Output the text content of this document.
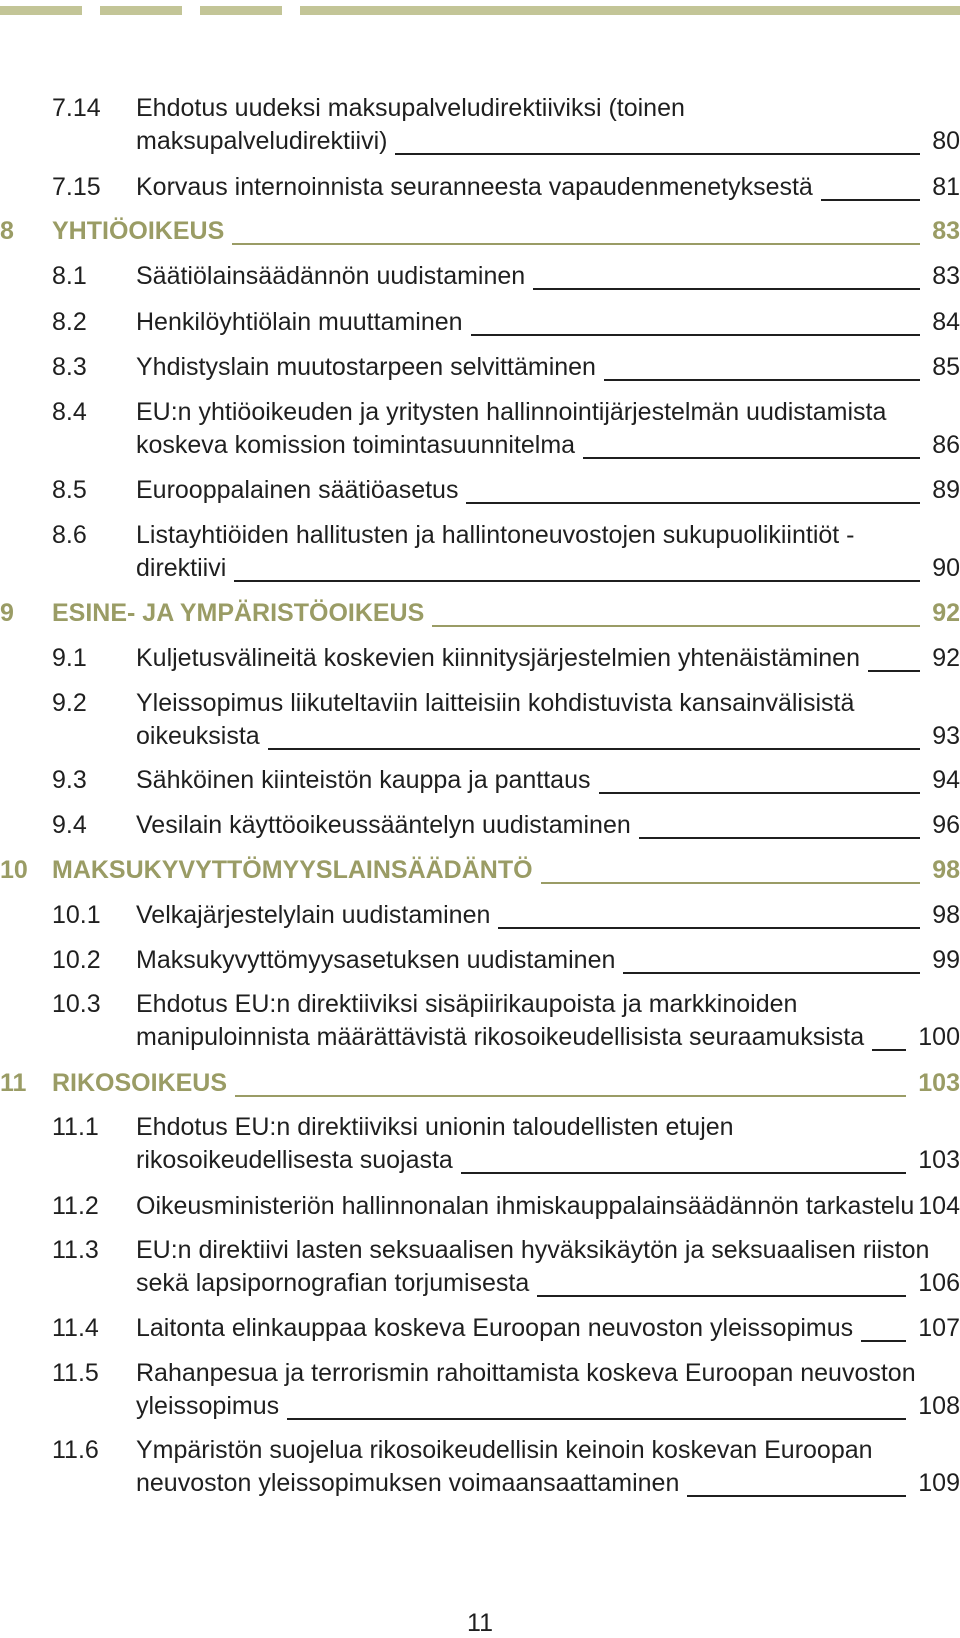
7.14 Ehdotus uudeksi maksupalveludirektiiviksi (toinen
maksupalveludirektiivi)	80
7.15 Korvaus internoinnista seuranneesta vapaudenmenetyksestä	81
8 YHTIÖOIKEUS	83
8.1 Säätiölainsäädännön uudistaminen	83
8.2 Henkilöyhtiölain muuttaminen	84
8.3 Yhdistyslain muutostarpeen selvittäminen	85
8.4 EU:n yhtiöoikeuden ja yritysten hallinnointijärjestelmän uudistamista
koskeva komission toimintasuunnitelma	86
8.5 Eurooppalainen säätiöasetus	89
8.6 Listayhtiöiden hallitusten ja hallintoneuvostojen sukupuolikiintiöt -
direktiivi	90
9 ESINE- JA YMPÄRISTÖOIKEUS	92
9.1 Kuljetusvälineitä koskevien kiinnitysjärjestelmien yhtenäistäminen	92
9.2 Yleissopimus liikuteltaviin laitteisiin kohdistuvista kansainvälisistä
oikeuksista	93
9.3 Sähköinen kiinteistön kauppa ja panttaus	94
9.4 Vesilain käyttöoikeussääntelyn uudistaminen	96
10 MAKSUKYVYTTÖMYYSLAINSÄÄDÄNTÖ	98
10.1 Velkajärjestelylain uudistaminen	98
10.2 Maksukyvyttömyysasetuksen uudistaminen	99
10.3 Ehdotus EU:n direktiiviksi sisäpiirikaupoista ja markkinoiden
manipuloinnista määrättävistä rikosoikeudellisista seuraamuksista	100
11 RIKOSOIKEUS	103
11.1 Ehdotus EU:n direktiiviksi unionin taloudellisten etujen
rikosoikeudellisesta suojasta	103
11.2 Oikeusministeriön hallinnonalan ihmiskauppalainsäädännön tarkastelu 104
11.3 EU:n direktiivi lasten seksuaalisen hyväksikäytön ja seksuaalisen riiston
sekä lapsipornografian torjumisesta	106
11.4 Laitonta elinkauppaa koskeva Euroopan neuvoston yleissopimus	107
11.5 Rahanpesua ja terrorismin rahoittamista koskeva Euroopan neuvoston
yleissopimus	108
11.6 Ympäristön suojelua rikosoikeudellisin keinoin koskevan Euroopan
neuvoston yleissopimuksen voimaansaattaminen	109
11
